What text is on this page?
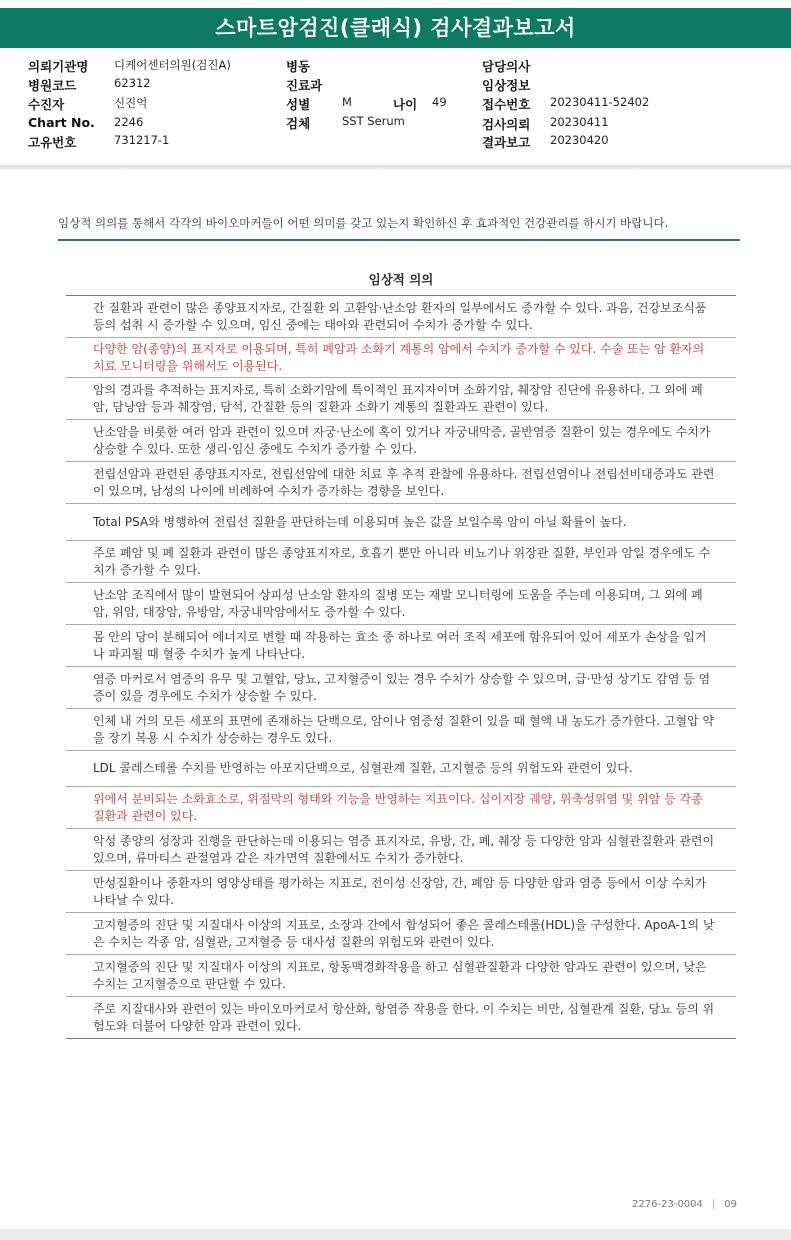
스마트암검진(클래식) 검사결과보고서
의뢰기관명 디케어센터의원(검진A)
병원코드	62312
수진자	신진억
Chart No. 2246
고유번호	731217-1
병동
진료과
성별	M	나이 49
검체	SST Serum
담당의사
임상정보
접수번호 20230411-52402
검사의뢰 20230411
결과보고 20230420
임상적 의의를 통해서 각각의 바이오마커들이 어떤 의미를 갖고 있는지 확인하신 후 효과적인 건강관리를 하시기 바랍니다.
임상적 의의
간 질환과 관련이 많은 종양표지자로, 간질환 외 고환암·난소암 환자의 일부에서도 증가할 수 있다. 과음, 건강보조식품 등의 섭취 시 증가할 수 있으며, 임신 중에는 태아와 관련되어 수치가 증가할 수 있다.
다양한 암(종양)의 표지자로 이용되며, 특히 폐암과 소화기 계통의 암에서 수치가 증가할 수 있다. 수술 또는 암 환자의 치료 모니터링을 위해서도 이용된다.
암의 경과를 추적하는 표지자로, 특히 소화기암에 특이적인 표지자이며 소화기암, 췌장암 진단에 유용하다. 그 외에 폐암, 담낭암 등과 췌장염, 담석, 간질환 등의 질환과 소화기 계통의 질환과도 관련이 있다.
난소암을 비롯한 여러 암과 관련이 있으며 자궁·난소에 혹이 있거나 자궁내막증, 골반염증 질환이 있는 경우에도 수치가 상승할 수 있다. 또한 생리·임신 중에도 수치가 증가할 수 있다.
전립선암과 관련된 종양표지자로, 전립선암에 대한 치료 후 추적 관찰에 유용하다. 전립선염이나 전립선비대증과도 관련이 있으며, 남성의 나이에 비례하여 수치가 증가하는 경향을 보인다.
Total PSA와 병행하여 전립선 질환을 판단하는데 이용되며 높은 값을 보일수록 암이 아닐 확률이 높다.
주로 폐암 및 폐 질환과 관련이 많은 종양표지자로, 호흡기 뿐만 아니라 비뇨기나 위장관 질환, 부인과 암일 경우에도 수치가 증가할 수 있다.
난소암 조직에서 많이 발현되어 상피성 난소암 환자의 질병 또는 재발 모니터링에 도움을 주는데 이용되며, 그 외에 폐암, 위암, 대장암, 유방암, 자궁내막암에서도 증가할 수 있다.
몸 안의 당이 분해되어 에너지로 변할 때 작용하는 효소 중 하나로 여러 조직 세포에 함유되어 있어 세포가 손상을 입거나 파괴될 때 혈중 수치가 높게 나타난다.
염증 마커로서 염증의 유무 및 고혈압, 당뇨, 고지혈증이 있는 경우 수치가 상승할 수 있으며, 급·만성 상기도 감염 등 염증이 있을 경우에도 수치가 상승할 수 있다.
인체 내 거의 모든 세포의 표면에 존재하는 단백으로, 암이나 염증성 질환이 있을 때 혈액 내 농도가 증가한다. 고혈압 약을 장기 복용 시 수치가 상승하는 경우도 있다.
LDL 콜레스테롤 수치를 반영하는 아포지단백으로, 심혈관계 질환, 고지혈증 등의 위험도와 관련이 있다.
위에서 분비되는 소화효소로, 위점막의 형태와 기능을 반영하는 지표이다. 십이지장 궤양, 위축성위염 및 위암 등 각종 질환과 관련이 있다.
악성 종양의 성장과 진행을 판단하는데 이용되는 염증 표지자로, 유방, 간, 폐, 췌장 등 다양한 암과 심혈관질환과 관련이 있으며, 류마티스 관절염과 같은 자가면역 질환에서도 수치가 증가한다.
만성질환이나 중환자의 영양상태를 평가하는 지표로, 전이성 신장암, 간, 폐암 등 다양한 암과 염증 등에서 이상 수치가 나타날 수 있다.
고지혈증의 진단 및 지질대사 이상의 지표로, 소장과 간에서 합성되어 좋은 콜레스테롤(HDL)을 구성한다. ApoA-1의 낮은 수치는 각종 암, 심혈관, 고지혈증 등 대사성 질환의 위험도와 관련이 있다.
고지혈증의 진단 및 지질대사 이상의 지표로, 항동맥경화작용을 하고 심혈관질환과 다양한 암과도 관련이 있으며, 낮은 수치는 고지혈증으로 판단할 수 있다.
주로 지질대사와 관련이 있는 바이오마커로서 항산화, 항염증 작용을 한다. 이 수치는 비만, 심혈관계 질환, 당뇨 등의 위험도와 더불어 다양한 암과 관련이 있다.
2276-23-0004 | 09
